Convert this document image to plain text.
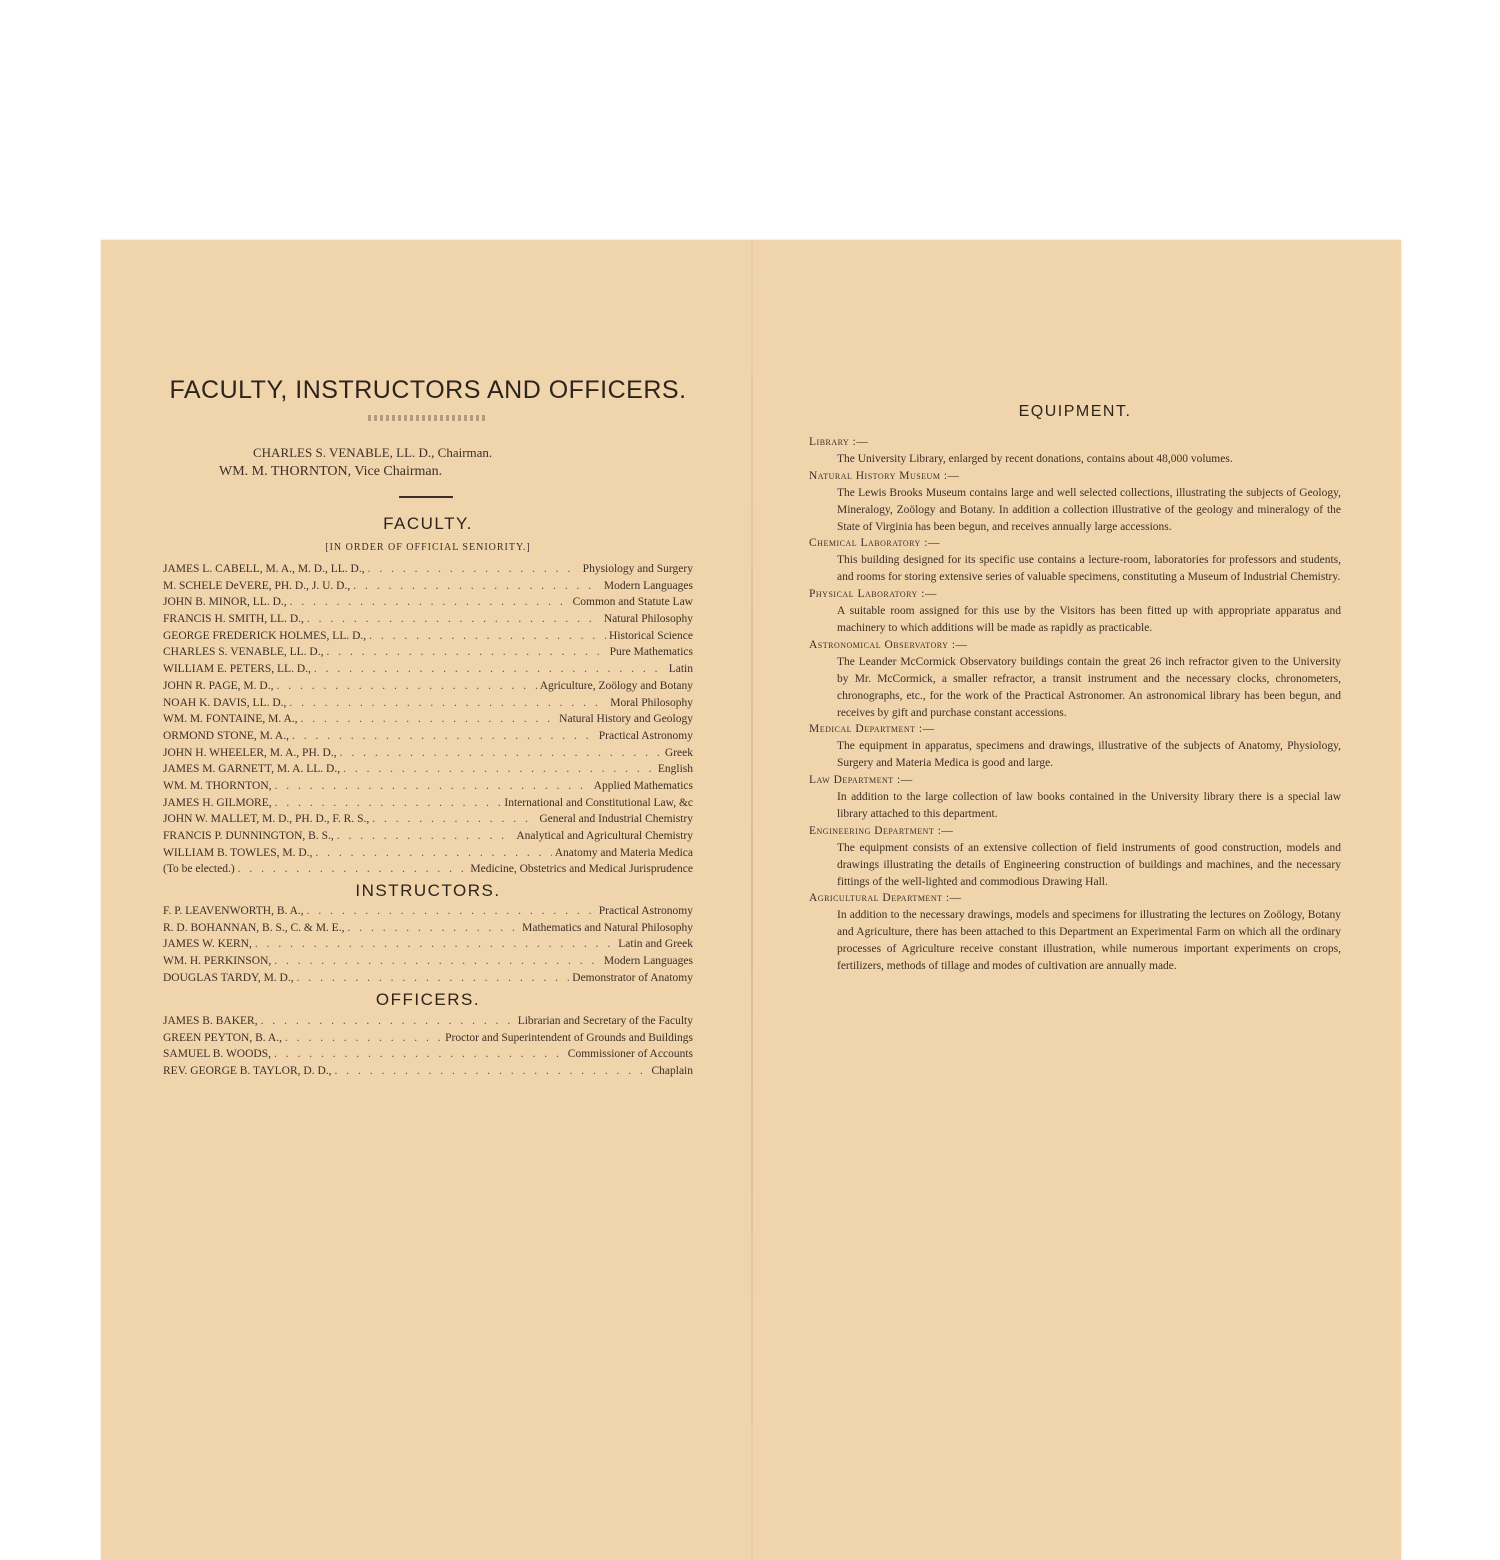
FACULTY, INSTRUCTORS AND OFFICERS.
CHARLES S. VENABLE, LL. D., Chairman.
WM. M. THORNTON, Vice Chairman.
FACULTY.
[IN ORDER OF OFFICIAL SENIORITY.]
JAMES L. CABELL, M. A., M. D., LL. D., . . .	Physiology and Surgery
M. SCHELE DeVERE, PH. D., J. U. D., . . .	Modern Languages
JOHN B. MINOR, LL. D., . . .	Common and Statute Law
FRANCIS H. SMITH, LL. D., . . .	Natural Philosophy
GEORGE FREDERICK HOLMES, LL. D., . . .	Historical Science
CHARLES S. VENABLE, LL. D., . . .	Pure Mathematics
WILLIAM E. PETERS, LL. D., . . .	Latin
JOHN R. PAGE, M. D., . . .	Agriculture, Zoölogy and Botany
NOAH K. DAVIS, LL. D., . . .	Moral Philosophy
WM. M. FONTAINE, M. A., . . .	Natural History and Geology
ORMOND STONE, M. A., . . .	Practical Astronomy
JOHN H. WHEELER, M. A., PH. D., . . .	Greek
JAMES M. GARNETT, M. A. LL. D., . . .	English
WM. M. THORNTON, . . .	Applied Mathematics
JAMES H. GILMORE, . . .	International and Constitutional Law, &c
JOHN W. MALLET, M. D., PH. D., F. R. S., . . .	General and Industrial Chemistry
FRANCIS P. DUNNINGTON, B. S., . . .	Analytical and Agricultural Chemistry
WILLIAM B. TOWLES, M. D., . . .	Anatomy and Materia Medica
(To be elected.) . . .	Medicine, Obstetrics and Medical Jurisprudence
INSTRUCTORS.
F. P. LEAVENWORTH, B. A., . . .	Practical Astronomy
R. D. BOHANNAN, B. S., C. & M. E., . . .	Mathematics and Natural Philosophy
JAMES W. KERN, . . .	Latin and Greek
WM. H. PERKINSON, . . .	Modern Languages
DOUGLAS TARDY, M. D., . . .	Demonstrator of Anatomy
OFFICERS.
JAMES B. BAKER, . . .	Librarian and Secretary of the Faculty
GREEN PEYTON, B. A., . . .	Proctor and Superintendent of Grounds and Buildings
SAMUEL B. WOODS, . . .	Commissioner of Accounts
REV. GEORGE B. TAYLOR, D. D., . . .	Chaplain
EQUIPMENT.
Library :—
The University Library, enlarged by recent donations, contains about 48,000 volumes.
Natural History Museum :—
The Lewis Brooks Museum contains large and well selected collections, illustrating the subjects of Geology, Mineralogy, Zoölogy and Botany. In addition a collection illustrative of the geology and mineralogy of the State of Virginia has been begun, and receives annually large accessions.
Chemical Laboratory :—
This building designed for its specific use contains a lecture-room, laboratories for professors and students, and rooms for storing extensive series of valuable specimens, constituting a Museum of Industrial Chemistry.
Physical Laboratory :—
A suitable room assigned for this use by the Visitors has been fitted up with appropriate apparatus and machinery to which additions will be made as rapidly as practicable.
Astronomical Observatory :—
The Leander McCormick Observatory buildings contain the great 26 inch refractor given to the University by Mr. McCormick, a smaller refractor, a transit instrument and the necessary clocks, chronometers, chronographs, etc., for the work of the Practical Astronomer. An astronomical library has been begun, and receives by gift and purchase constant accessions.
Medical Department :—
The equipment in apparatus, specimens and drawings, illustrative of the subjects of Anatomy, Physiology, Surgery and Materia Medica is good and large.
Law Department :—
In addition to the large collection of law books contained in the University library there is a special law library attached to this department.
Engineering Department :—
The equipment consists of an extensive collection of field instruments of good construction, models and drawings illustrating the details of Engineering construction of buildings and machines, and the necessary fittings of the well-lighted and commodious Drawing Hall.
Agricultural Department :—
In addition to the necessary drawings, models and specimens for illustrating the lectures on Zoölogy, Botany and Agriculture, there has been attached to this Department an Experimental Farm on which all the ordinary processes of Agriculture receive constant illustration, while numerous important experiments on crops, fertilizers, methods of tillage and modes of cultivation are annually made.
